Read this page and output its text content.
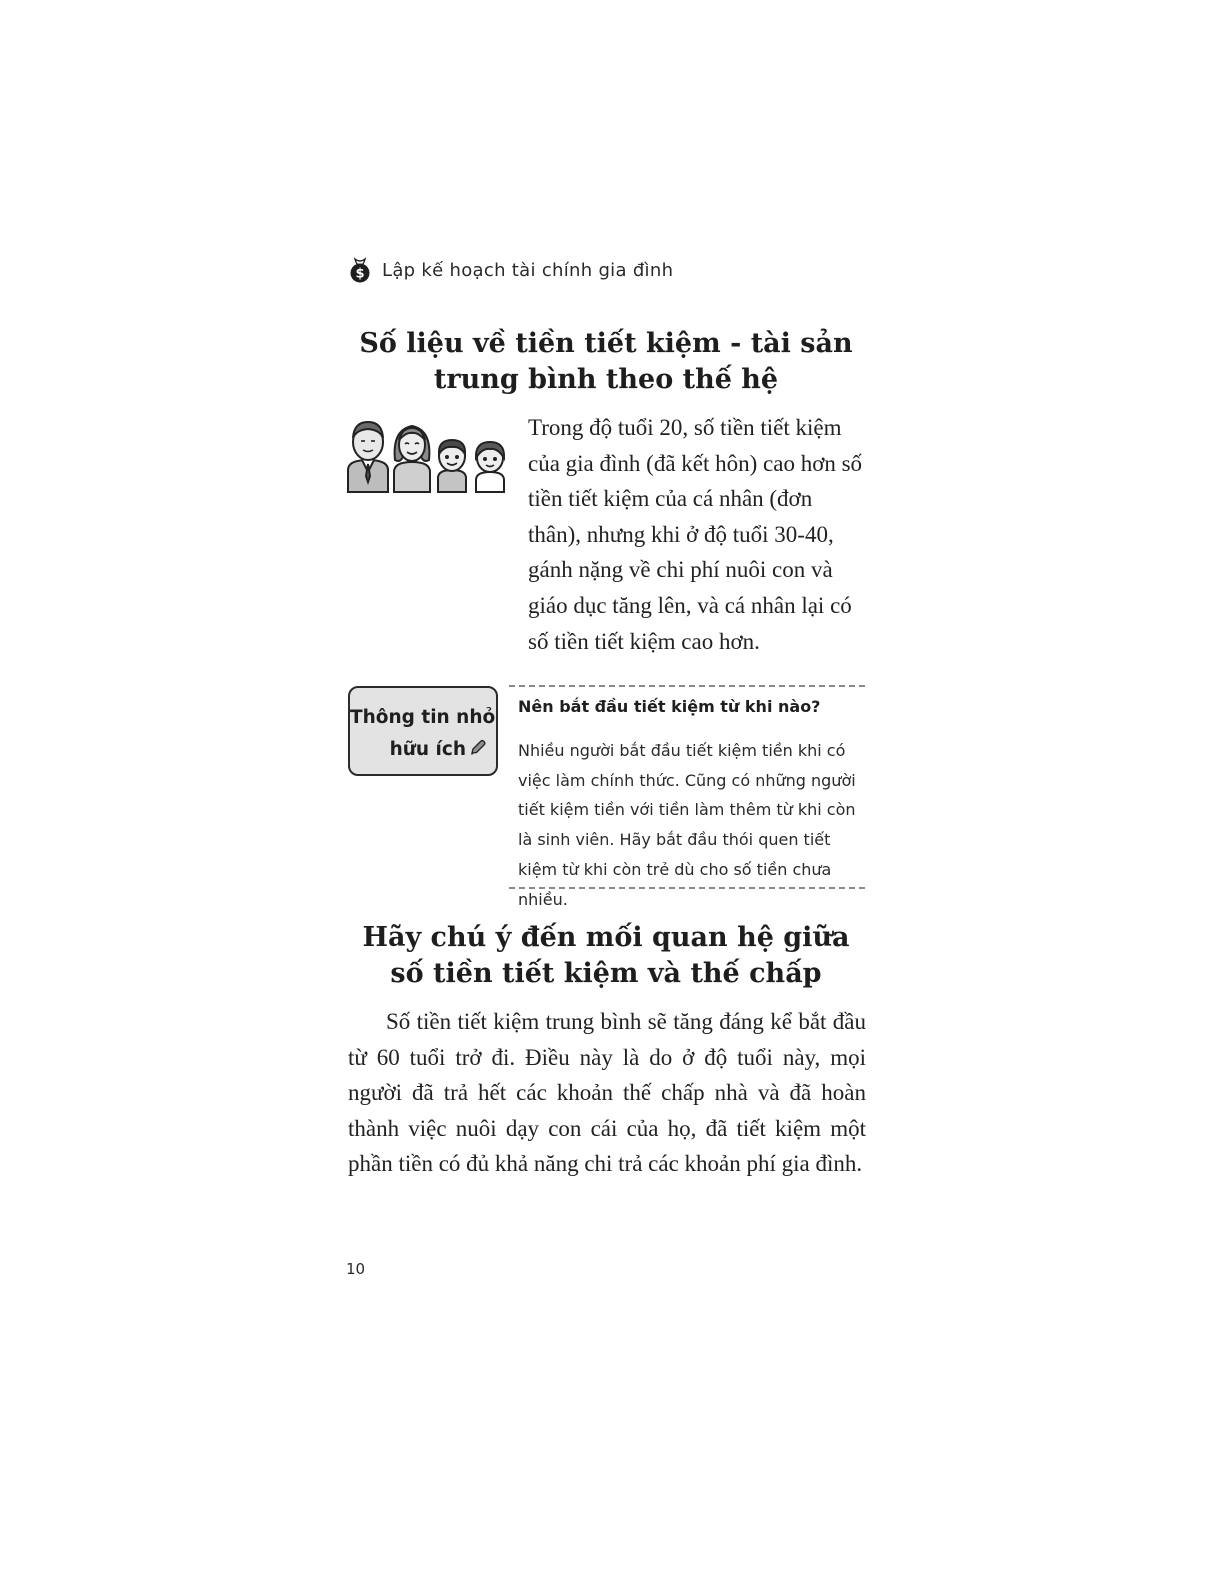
$ Lập kế hoạch tài chính gia đình
Số liệu về tiền tiết kiệm - tài sản trung bình theo thế hệ

Trong độ tuổi 20, số tiền tiết kiệm của gia đình (đã kết hôn) cao hơn số tiền tiết kiệm của cá nhân (đơn thân), nhưng khi ở độ tuổi 30-40, gánh nặng về chi phí nuôi con và giáo dục tăng lên, và cá nhân lại có số tiền tiết kiệm cao hơn.

Thông tin nhỏ
hữu ích
Nên bắt đầu tiết kiệm từ khi nào?

Nhiều người bắt đầu tiết kiệm tiền khi có việc làm chính thức. Cũng có những người tiết kiệm tiền với tiền làm thêm từ khi còn là sinh viên. Hãy bắt đầu thói quen tiết kiệm từ khi còn trẻ dù cho số tiền chưa nhiều.

Hãy chú ý đến mối quan hệ giữa số tiền tiết kiệm và thế chấp

Số tiền tiết kiệm trung bình sẽ tăng đáng kể bắt đầu từ 60 tuổi trở đi. Điều này là do ở độ tuổi này, mọi người đã trả hết các khoản thế chấp nhà và đã hoàn thành việc nuôi dạy con cái của họ, đã tiết kiệm một phần tiền có đủ khả năng chi trả các khoản phí gia đình.

10
